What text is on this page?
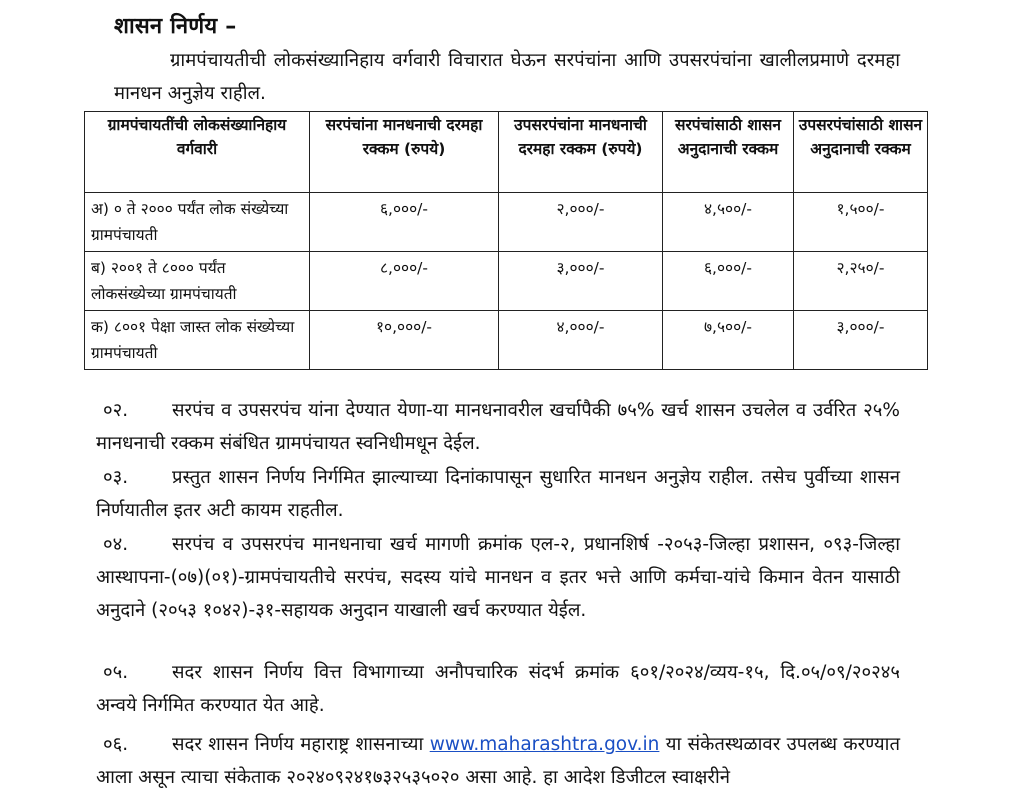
शासन निर्णय –
ग्रामपंचायतीची लोकसंख्यानिहाय वर्गवारी विचारात घेऊन सरपंचांना आणि उपसरपंचांना खालीलप्रमाणे दरमहा मानधन अनुज्ञेय राहील.
ग्रामपंचायतींची लोकसंख्यानिहाय वर्गवारी	सरपंचांना मानधनाची दरमहा रक्कम (रुपये)	उपसरपंचांना मानधनाची दरमहा रक्कम (रुपये)	सरपंचांसाठी शासन अनुदानाची रक्कम	उपसरपंचांसाठी शासन अनुदानाची रक्कम
अ) ० ते २००० पर्यंत लोक संख्येच्या ग्रामपंचायती	६,०००/-	२,०००/-	४,५००/-	१,५००/-
ब) २००१ ते ८००० पर्यंत लोकसंख्येच्या ग्रामपंचायती	८,०००/-	३,०००/-	६,०००/-	२,२५०/-
क) ८००१ पेक्षा जास्त लोक संख्येच्या ग्रामपंचायती	१०,०००/-	४,०००/-	७,५००/-	३,०००/-
०२. सरपंच व उपसरपंच यांना देण्यात येणा-या मानधनावरील खर्चापैकी ७५% खर्च शासन उचलेल व उर्वरित २५% मानधनाची रक्कम संबंधित ग्रामपंचायत स्वनिधीमधून देईल.
०३. प्रस्तुत शासन निर्णय निर्गमित झाल्याच्या दिनांकापासून सुधारित मानधन अनुज्ञेय राहील. तसेच पुर्वीच्या शासन निर्णयातील इतर अटी कायम राहतील.
०४. सरपंच व उपसरपंच मानधनाचा खर्च मागणी क्रमांक एल-२, प्रधानशिर्ष -२०५३-जिल्हा प्रशासन, ०९३-जिल्हा आस्थापना-(०७)(०१)-ग्रामपंचायतीचे सरपंच, सदस्य यांचे मानधन व इतर भत्ते आणि कर्मचा-यांचे किमान वेतन यासाठी अनुदाने (२०५३ १०४२)-३१-सहायक अनुदान याखाली खर्च करण्यात येईल.
०५. सदर शासन निर्णय वित्त विभागाच्या अनौपचारिक संदर्भ क्रमांक ६०१/२०२४/व्यय-१५, दि.०५/०९/२०२४५ अन्वये निर्गमित करण्यात येत आहे.
०६. सदर शासन निर्णय महाराष्ट्र शासनाच्या www.maharashtra.gov.in या संकेतस्थळावर उपलब्ध करण्यात आला असून त्याचा संकेताक २०२४०९२४१७३२५३५०२० असा आहे. हा आदेश डिजीटल स्वाक्षरीने
